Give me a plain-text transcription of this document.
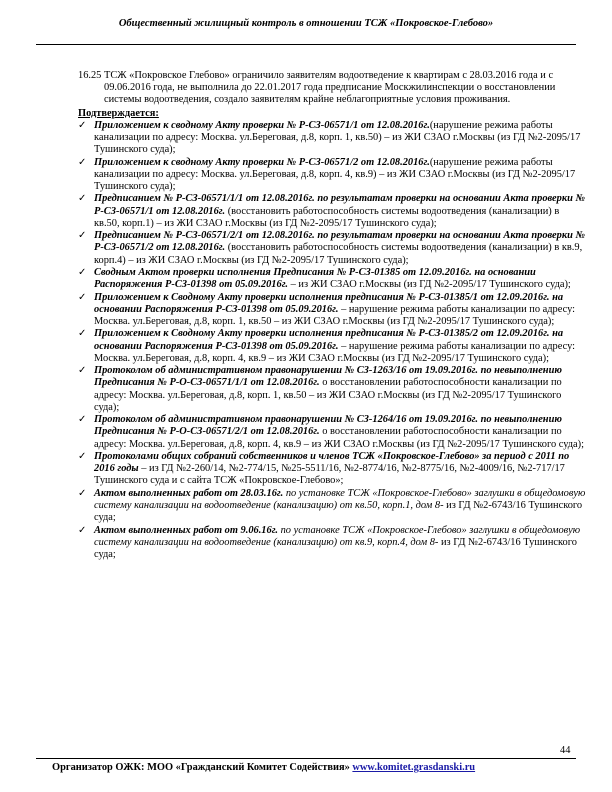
Общественный жилищный контроль в отношении ТСЖ «Покровское-Глебово»

16.25 ТСЖ «Покровское Глебово» ограничило заявителям водоотведение к квартирам с 28.03.2016 года и с 09.06.2016 года, не выполнила до 22.01.2017 года предписание Москжилинспекции о восстановлении системы водоотведения, создало заявителям крайне неблагоприятные условия проживания.

Подтверждается:

✓ Приложением к сводному Акту проверки № Р-СЗ-06571/1 от 12.08.2016г.(нарушение режима работы канализации по адресу: Москва. ул.Береговая, д.8, корп. 1, кв.50) – из ЖИ СЗАО г.Москвы (из ГД №2-2095/17 Тушинского суда);
✓ Приложением к сводному Акту проверки № Р-СЗ-06571/2 от 12.08.2016г.(нарушение режима работы канализации по адресу: Москва. ул.Береговая, д.8, корп. 4, кв.9) – из ЖИ СЗАО г.Москвы (из ГД №2-2095/17 Тушинского суда);
✓ Предписанием № Р-СЗ-06571/1/1 от 12.08.2016г. по результатам проверки на основании Акта проверки № Р-СЗ-06571/1 от 12.08.2016г. (восстановить работоспособность системы водоотведения (канализации) в кв.50, корп.1) – из ЖИ СЗАО г.Москвы (из ГД №2-2095/17 Тушинского суда);
✓ Предписанием № Р-СЗ-06571/2/1 от 12.08.2016г. по результатам проверки на основании Акта проверки № Р-СЗ-06571/2 от 12.08.2016г. (восстановить работоспособность системы водоотведения (канализации) в кв.9, корп.4) – из ЖИ СЗАО г.Москвы (из ГД №2-2095/17 Тушинского суда);
✓ Сводным Актом проверки исполнения Предписания № Р-СЗ-01385 от 12.09.2016г. на основании Распоряжения Р-СЗ-01398 от 05.09.2016г. – из ЖИ СЗАО г.Москвы (из ГД №2-2095/17 Тушинского суда);
✓ Приложением к Сводному Акту проверки исполнения предписания № Р-СЗ-01385/1 от 12.09.2016г. на основании Распоряжения Р-СЗ-01398 от 05.09.2016г. – нарушение режима работы канализации по адресу: Москва. ул.Береговая, д.8, корп. 1, кв.50 – из ЖИ СЗАО г.Москвы (из ГД №2-2095/17 Тушинского суда);
✓ Приложением к Сводному Акту проверки исполнения предписания № Р-СЗ-01385/2 от 12.09.2016г. на основании Распоряжения Р-СЗ-01398 от 05.09.2016г. – нарушение режима работы канализации по адресу: Москва. ул.Береговая, д.8, корп. 4, кв.9 – из ЖИ СЗАО г.Москвы (из ГД №2-2095/17 Тушинского суда);
✓ Протоколом об административном правонарушении № СЗ-1263/16 от 19.09.2016г. по невыполнению Предписания № Р-О-СЗ-06571/1/1 от 12.08.2016г. о восстановлении работоспособности канализации по адресу: Москва. ул.Береговая, д.8, корп. 1, кв.50 – из ЖИ СЗАО г.Москвы (из ГД №2-2095/17 Тушинского суда);
✓ Протоколом об административном правонарушении № СЗ-1264/16 от 19.09.2016г. по невыполнению Предписания № Р-О-СЗ-06571/2/1 от 12.08.2016г. о восстановлении работоспособности канализации по адресу: Москва. ул.Береговая, д.8, корп. 4, кв.9 – из ЖИ СЗАО г.Москвы (из ГД №2-2095/17 Тушинского суда);
✓ Протоколами общих собраний собственников и членов ТСЖ «Покровское-Глебово» за период с 2011 по 2016 годы – из ГД №2-260/14, №2-774/15, №25-5511/16, №2-8774/16, №2-8775/16, №2-4009/16, №2-717/17 Тушинского суда и с сайта ТСЖ «Покровское-Глебово»;
✓ Актом выполненных работ от 28.03.16г. по установке ТСЖ «Покровское-Глебово» заглушки в общедомовую систему канализации на водоотведение (канализацию) от кв.50, корп.1, дом 8- из ГД №2-6743/16 Тушинского суда;
✓ Актом выполненных работ от 9.06.16г. по установке ТСЖ «Покровское-Глебово» заглушки в общедомовую систему канализации на водоотведение (канализацию) от кв.9, корп.4, дом 8- из ГД №2-6743/16 Тушинского суда;
44
Организатор ОЖК: МОО «Гражданский Комитет Содействия» www.komitet.grasdanski.ru
